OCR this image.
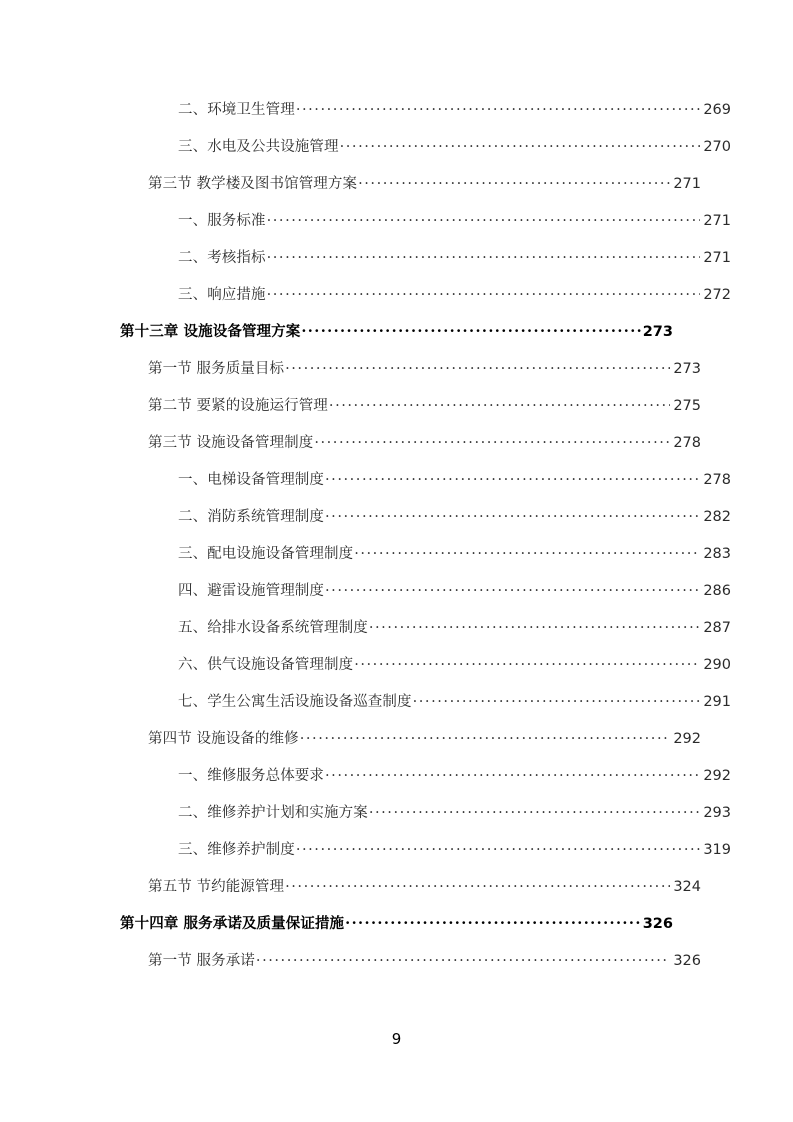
二、环境卫生管理 .....	269
三、水电及公共设施管理 .....	270
第三节 教学楼及图书馆管理方案 .....	271
一、服务标准 .....	271
二、考核指标 .....	271
三、响应措施 .....	272
第十三章 设施设备管理方案 .....	273
第一节 服务质量目标 .....	273
第二节 要紧的设施运行管理 .....	275
第三节 设施设备管理制度 .....	278
一、电梯设备管理制度 .....	278
二、消防系统管理制度 .....	282
三、配电设施设备管理制度 .....	283
四、避雷设施管理制度 .....	286
五、给排水设备系统管理制度 .....	287
六、供气设施设备管理制度 .....	290
七、学生公寓生活设施设备巡查制度 .....	291
第四节 设施设备的维修 .....	292
一、维修服务总体要求 .....	292
二、维修养护计划和实施方案 .....	293
三、维修养护制度 .....	319
第五节 节约能源管理 .....	324
第十四章 服务承诺及质量保证措施 .....	326
第一节 服务承诺 .....	326
9
